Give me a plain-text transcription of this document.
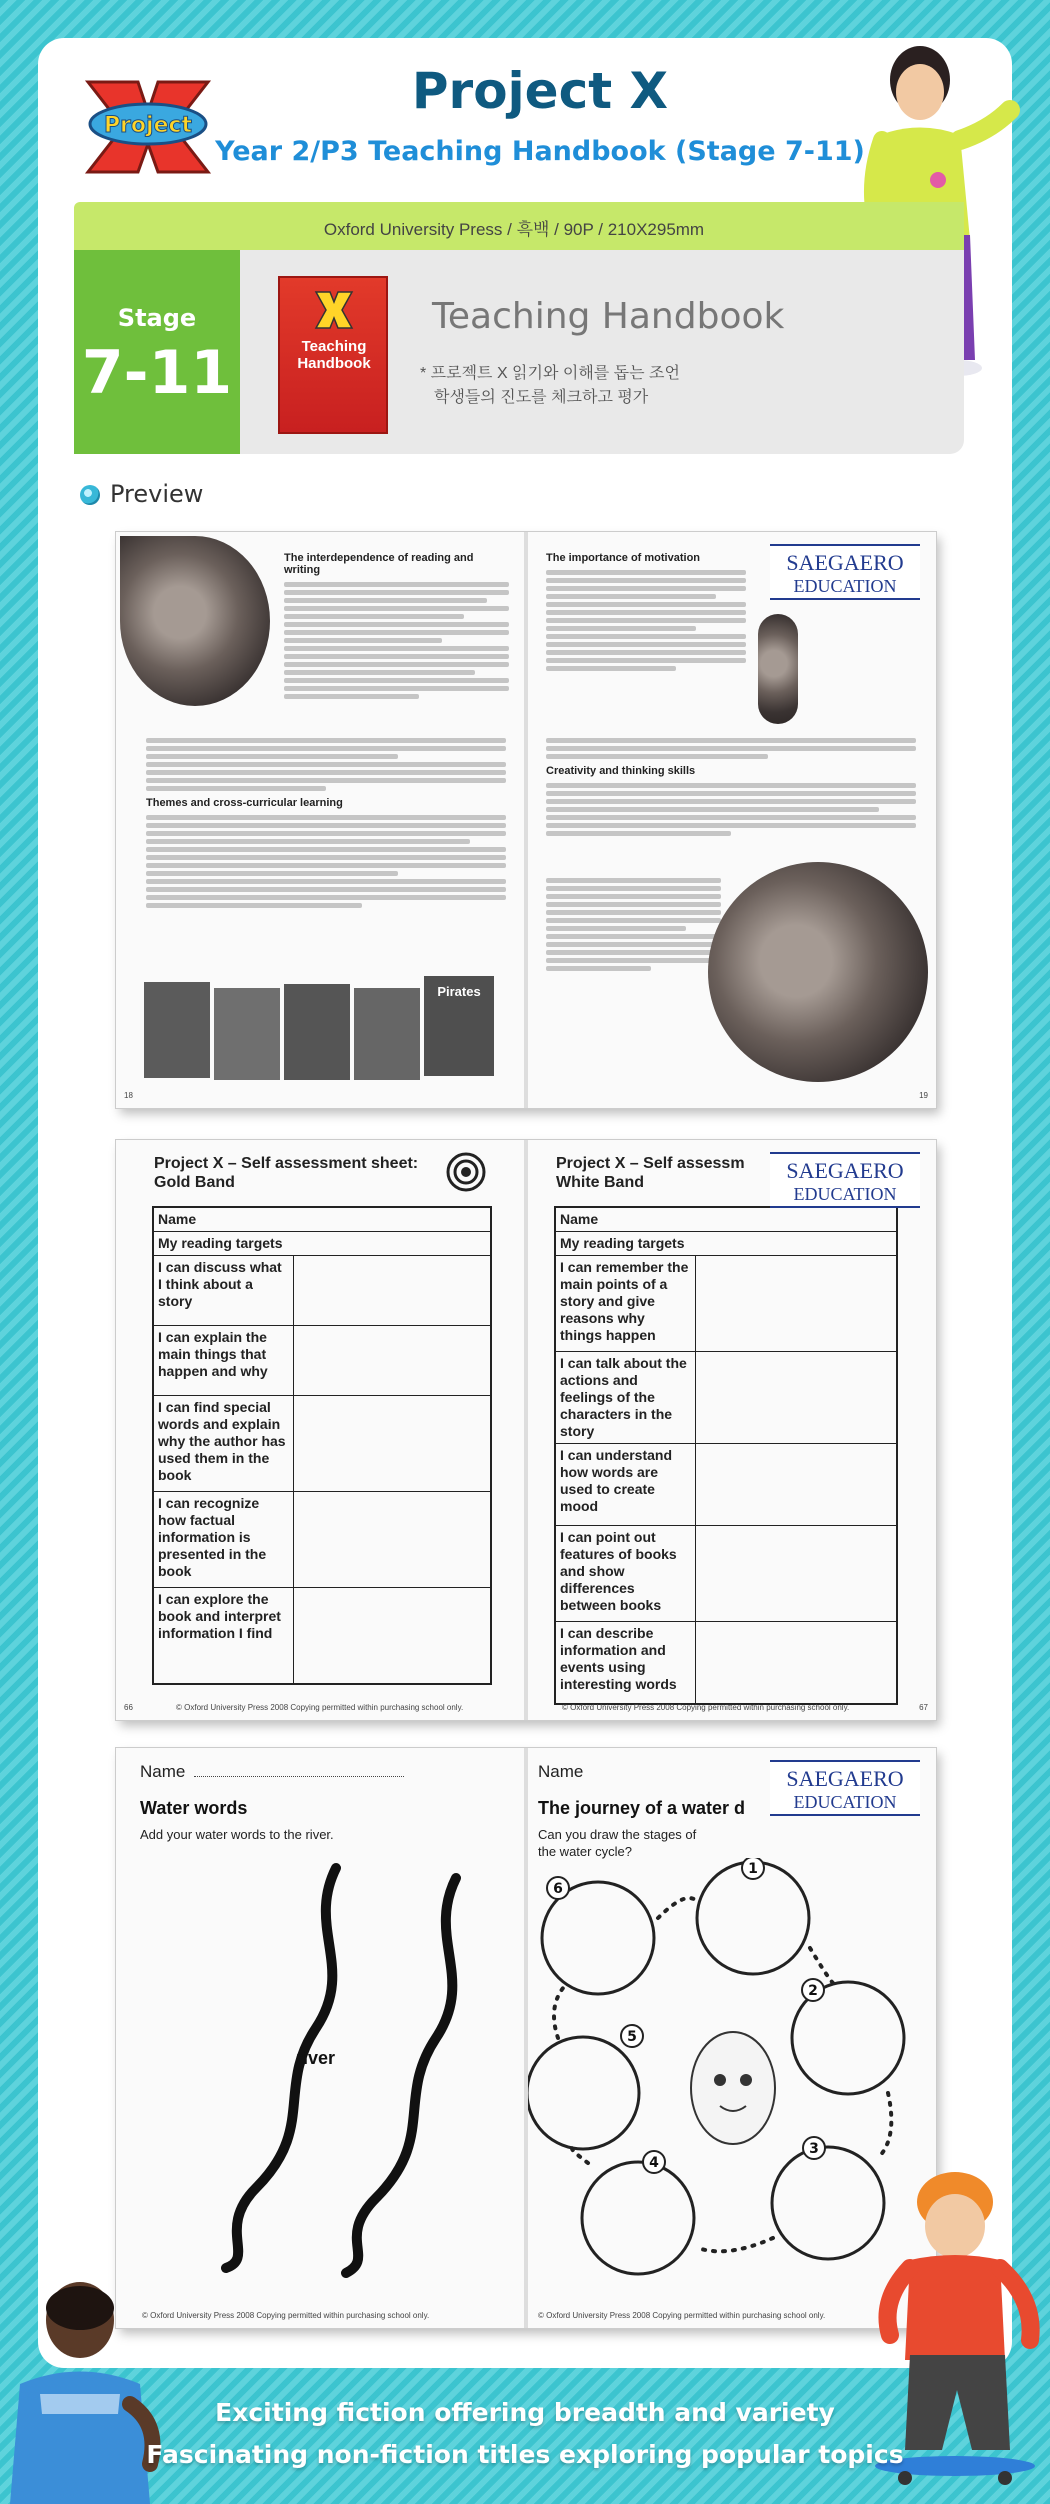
Project
Project X
Year 2/P3 Teaching Handbook (Stage 7-11)
Oxford University Press / 흑백 / 90P / 210X295mm
Stage
7-11	Teaching Handbook
Teaching Handbook
* 프로젝트 X 읽기와 이해를 돕는 조언
학생들의 진도를 체크하고 평가
Preview
The interdependence of reading and writing
Themes and cross-curricular learning
Pirates
18
The importance of motivation
Creativity and thinking skills
19
SAEGAERO
EDUCATION
Project X – Self assessment sheet:
Gold Band
Name	
My reading targets	
I can discuss what I think about a story	
I can explain the main things that happen and why	
I can find special words and explain why the author has used them in the book	
I can recognize how factual information is presented in the book	
I can explore the book and interpret information I find	
66	© Oxford University Press 2008 Copying permitted within purchasing school only.
Project X – Self assessm
White Band
Name	
My reading targets	
I can remember the main points of a story and give reasons why things happen	
I can talk about the actions and feelings of the characters in the story	
I can understand how words are used to create mood	
I can point out features of books and show differences between books	
I can describe information and events using interesting words	
© Oxford University Press 2008 Copying permitted within purchasing school only.	67
SAEGAERO
EDUCATION
Name
Water words
Add your water words to the river.
river
© Oxford University Press 2008 Copying permitted within purchasing school only.
Name
The journey of a water d
Can you draw the stages of
the water cycle?
1
2
3
4
5
6
© Oxford University Press 2008 Copying permitted within purchasing school only.
SAEGAERO
EDUCATION
Exciting fiction offering breadth and variety
Fascinating non-fiction titles exploring popular topics
